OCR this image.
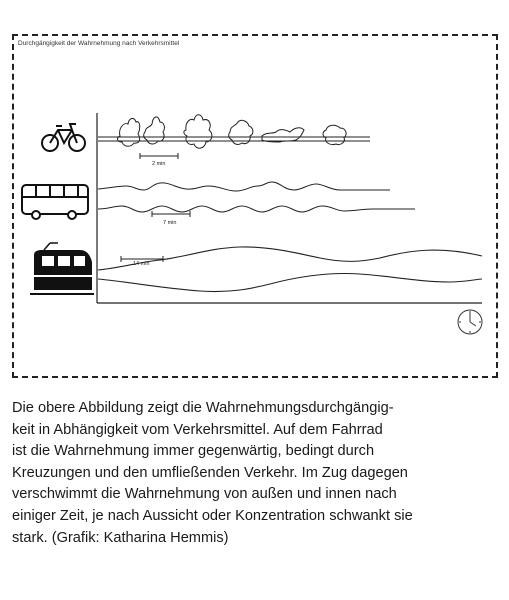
Durchgängigkeit der Wahrnehmung nach Verkehrsmittel
2 min
7 min
14 min

Die obere Abbildung zeigt die Wahrnehmungsdurchgängig-

keit in Abhängigkeit vom Verkehrsmittel. Auf dem Fahrrad

ist die Wahrnehmung immer gegenwärtig, bedingt durch

Kreuzungen und den umfließenden Verkehr. Im Zug dagegen

verschwimmt die Wahrnehmung von außen und innen nach

einiger Zeit, je nach Aussicht oder Konzentration schwankt sie

stark. (Grafik: Katharina Hemmis)
